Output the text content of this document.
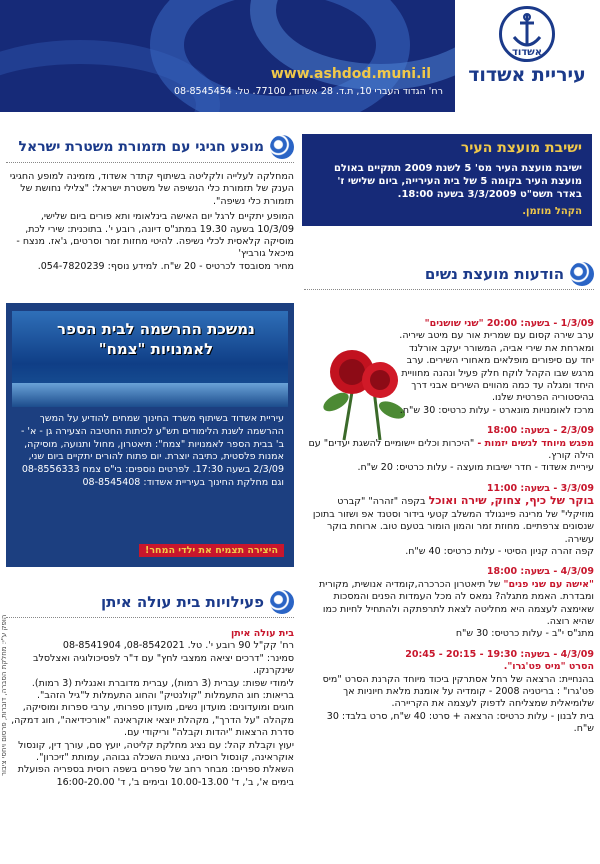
www.ashdod.muni.il
רח' הגדוד העברי 10, ת.ד. 28 אשדוד, 77100. טל. 08-8545454
אשדוד
עיריית אשדוד
ישיבת מועצת העיר
ישיבת מועצת העיר מס' 5 לשנת 2009 תתקיים באולם מועצת העיר בקומה 5 של בית העירייה, ביום שלישי ז' באדר תשס"ט 3/3/2009 בשעה 18:00.
הקהל מוזמן.
הודעות מועצת נשים
1/3/09 - בשעה: 20:00 "שני שושנים"
ערב שירה קסום עם שמרית אור עם מיטב שיריה. ומארחת את שירי אביה, המשורר יעקב אורלנד יחד עם סיפורים מופלאים מאחורי השירים. ערב מרגש שבו הקהל לוקח חלק פעיל ונהנה מחוויית היחד ומגלה עד כמה מהווים השירים אבני דרך בהיסטוריה הפרטית שלנו.
מרכז לאומנויות מונארט - עלות כרטיס: 30 ש"ח.
2/3/09 - בשעה: 18:00
מפגש מיוחד לנשים יזמות - "היכרות וכלים יישומיים להשגת יעדים" עם הילה קורץ.
עיריית אשדוד - חדר ישיבות מועצה - עלות כרטיס: 20 ש"ח.
3/3/09 - בשעה: 11:00
בוקר של כיף, צחוק, שירה ואוכל בקפה "זהרה" "קברט מוזיקלי" של מרינה פיינגולד המשלב קטעי בידור וסטנד אפ ושזור בתוכן שנסונים צרפתיים. מחוזת זמר והמון הומור בטעם טוב. ארוחת בוקר עשירה.
קפה זהרה קניון הסיטי - עלות כרטיס: 40 ש"ח.
4/3/09 - בשעה: 18:00
"אישה עם שני פנים" של תיאטרון הכרכרה,קומדיה אנושית, מקורית ומבדרת. האמת מתגלה? נמאס לה מכל העמדות הפנים והמסכות שאימצה לעצמה היא מחליטה לצאת לתרפתקה ולהתחיל לחיות כמו שהיא רוצה.
מתנ"ס י"ב - עלות כרטיס: 30 ש"ח
4/3/09 - בשעה: 19:30 - 20:15 - 20:45
הסרט "מיס פט'גרו".
בהנחיית: הרצאה של רחל אסתרקין ביכוד מיוחד הקרנת הסרט "מיס פט'גרו" : בריטניה 2008 - קומדיה על אומנת מלאת חיוניות אך שלומיאלית שמצליחה לדפוק לעצמה את הקריירה.
בית לבנון - עלות כרטיס: הרצאה + סרט: 40 ש"ח, סרט בלבד: 30 ש"ח.
מופע חגיגי עם תזמורת משטרת ישראל
המחלקה לעלייה ולקליטה בשיתוף קתדר אשדוד, מזמינה למופע החגיגי הענק של תזמורת כלי הנשיפה של משטרת ישראל: "צלילי נחושת של תזמורת כלי נשיפה".
המופע יתקיים לרגל יום האישה בינלאומי ותא פורים ביום שלישי, 10/3/09 בשעה 19.30 במתנ"ס דיונה, רובע י'. בתוכנית: שירי לכת, מוסיקה קלאסית לכלי נשיפה. להיטי מחזות זמר וסרטים, ג'אז. מנצח - מיכאל גורביץ'
מחיר מסובסד לכרטיס - 20 ש"ח. למידע נוסף: 054-7820239.
נמשכת ההרשמה לבית הספר לאמנויות "צמח"
עיריית אשדוד בשיתוף משרד החינוך שמחים להודיע על המשך ההרשמה לשנת הלימודים תש"ע לכיתות החטיבה הצעירה גן - א' - ב' בבית הספר לאמנויות "צמח": תיאטרון, מחול ותנועה, מוסיקה, אמנות פלסטית, כתיבה יוצרת. יום פתוח להורים יתקיים ביום שני, 2/3/09 בשעה 17:30. לפרטים נוספים: בי"ס צמח 08-8556333 וגם מחלקת החינוך בעיריית אשדוד: 08-8545408
היצירה תצמיח את ילדי המחר!
פעילויות בית עולה איתן
בית עולה איתן
רח' קק"ל 90 רובע י'. טל. 08-8542021, 08-8541904
סמינר: "דרכים יציאה ממצבי לחץ" עם ד"ר לפסיכולוגיה ואצלסלב שינקרנקו.
לימודי שפות: עברית (3 רמות), עברית מדוברת ואנגלית (3 רמות).
בריאות: חוג התעמלות "קולנטיק" והחוג התעמלות ל"גיל הזהב".
חוגים ומועדונים: מועדון נשים, מועדון ספרותי, ערבי ספרות ומוסיקה, מקהלה "על הדרך", מקהלת יוצאי אוקראינה "אורכידיאה", חוג דמקה, סדרת הרצאות "יהדות וקבלה" וריקודי עם.
יעוץ וקבלת קהל: עם נציג מחלקת קליטה, יועץ סם, עורך דין, קונסול אוקראינה, קונסול רוסיה, נציגות השכלה גבוהה, עמותת "זיכרון".
השאלת ספרים: מבחר רחב של ספרים בשפה רוסית בספריה הפועלת בימים א', ב', ד' 10.00-13.00 ובימים ב', ד' 16:00-20.00
הופק ע"י: מחלקת הסברה, דוברות, פרסום ויחסי ציבור
